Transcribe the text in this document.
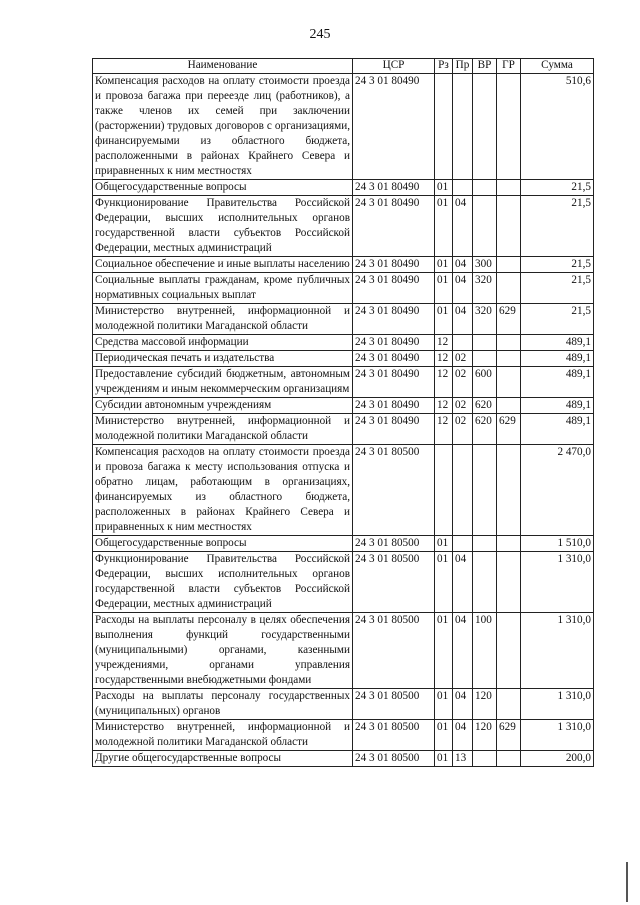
245
Наименование	ЦСР	Рз	Пр	ВР	ГР	Сумма
Компенсация расходов на оплату стоимости проезда и провоза багажа при переезде лиц (работников), а также членов их семей при заключении (расторжении) трудовых договоров с организациями, финансируемыми из областного бюджета, расположенными в районах Крайнего Севера и приравненных к ним местностях	24 3 01 80490					510,6
Общегосударственные вопросы	24 3 01 80490	01				21,5
Функционирование Правительства Российской Федерации, высших исполнительных органов государственной власти субъектов Российской Федерации, местных администраций	24 3 01 80490	01	04			21,5
Социальное обеспечение и иные выплаты населению	24 3 01 80490	01	04	300		21,5
Социальные выплаты гражданам, кроме публичных нормативных социальных выплат	24 3 01 80490	01	04	320		21,5
Министерство внутренней, информационной и молодежной политики Магаданской области	24 3 01 80490	01	04	320	629	21,5
Средства массовой информации	24 3 01 80490	12				489,1
Периодическая печать и издательства	24 3 01 80490	12	02			489,1
Предоставление субсидий бюджетным, автономным учреждениям и иным некоммерческим организациям	24 3 01 80490	12	02	600		489,1
Субсидии автономным учреждениям	24 3 01 80490	12	02	620		489,1
Министерство внутренней, информационной и молодежной политики Магаданской области	24 3 01 80490	12	02	620	629	489,1
Компенсация расходов на оплату стоимости проезда и провоза багажа к месту использования отпуска и обратно лицам, работающим в организациях, финансируемых из областного бюджета, расположенных в районах Крайнего Севера и приравненных к ним местностях	24 3 01 80500					2 470,0
Общегосударственные вопросы	24 3 01 80500	01				1 510,0
Функционирование Правительства Российской Федерации, высших исполнительных органов государственной власти субъектов Российской Федерации, местных администраций	24 3 01 80500	01	04			1 310,0
Расходы на выплаты персоналу в целях обеспечения выполнения функций государственными (муниципальными) органами, казенными учреждениями, органами управления государственными внебюджетными фондами	24 3 01 80500	01	04	100		1 310,0
Расходы на выплаты персоналу государственных (муниципальных) органов	24 3 01 80500	01	04	120		1 310,0
Министерство внутренней, информационной и молодежной политики Магаданской области	24 3 01 80500	01	04	120	629	1 310,0
Другие общегосударственные вопросы	24 3 01 80500	01	13			200,0
